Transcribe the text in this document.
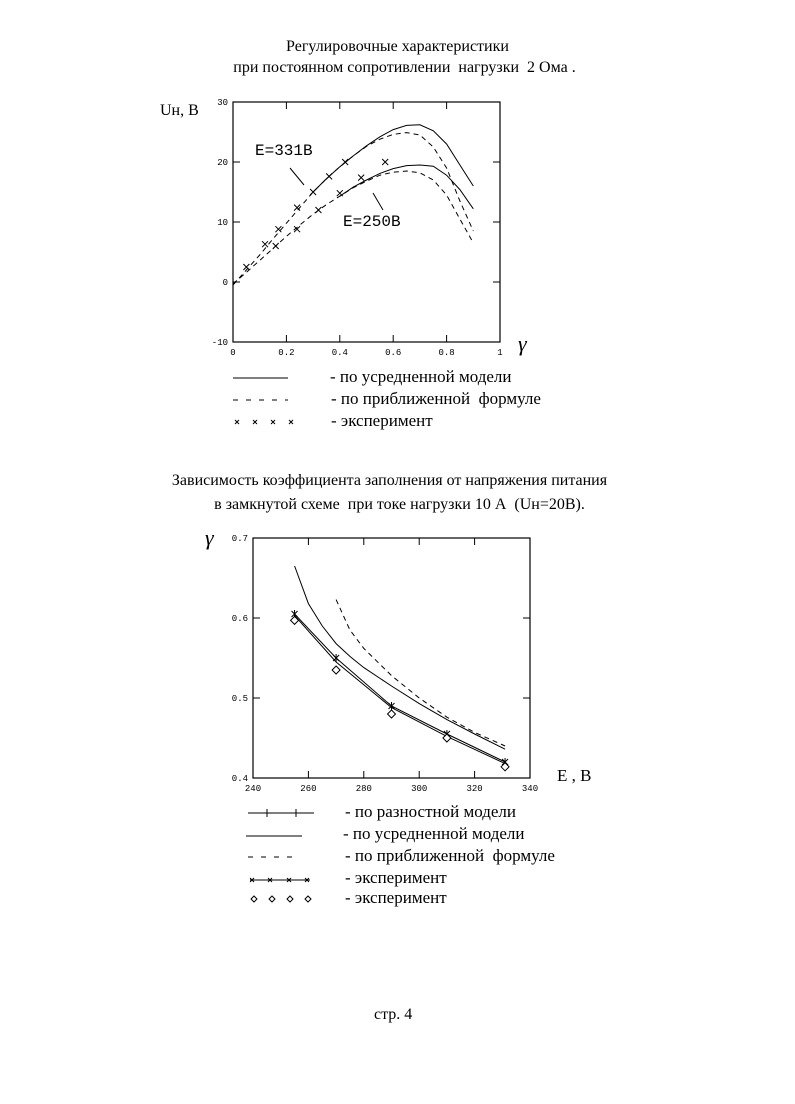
Регулировочные характеристики
при постоянном сопротивлении  нагрузки  2 Ома .
Uн, В
γ
0	0.2	0.4	0.6	0.8	1
-10
0
10
20
30
240	260	280	300	320	340
0.4
0.5
0.6
0.7
E=331B
E=250B
- по усредненной модели
- по приближенной  формуле
- эксперимент
Зависимость коэффициента заполнения от напряжения питания
в замкнутой схеме  при токе нагрузки 10 А  (Uн=20В).
γ
E , В
- по разностной модели
- по усредненной модели
- по приближенной  формуле
- эксперимент
- эксперимент
стр. 4
